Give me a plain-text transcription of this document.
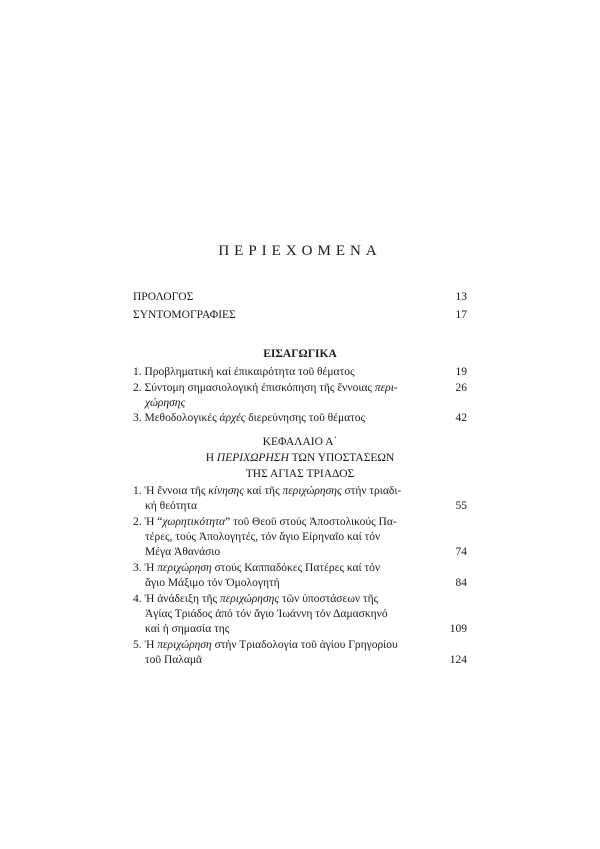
ΠΕΡΙΕΧΟΜΕΝΑ
ΠΡΟΛΟΓΟΣ	13
ΣΥΝΤΟΜΟΓΡΑΦΙΕΣ	17
ΕΙΣΑΓΩΓΙΚΑ
1. Προβληματική καί ἐπικαιρότητα τοῦ θέματος	19
2. Σύντομη σημασιολογική ἐπισκόπηση τῆς ἔννοιας περι-	26
χώρησης
3. Μεθοδολογικές ἀρχές διερεύνησης τοῦ θέματος	42
ΚΕΦΑΛΑΙΟ Α΄
Η ΠΕΡΙΧΩΡΗΣΗ ΤΩΝ ΥΠΟΣΤΑΣΕΩΝ
ΤΗΣ ΑΓΙΑΣ ΤΡΙΑΔΟΣ
1. Ἡ ἔννοια τῆς κίνησης καί τῆς περιχώρησης στήν τριαδι-
κή θεότητα	55
2. Ἡ “χωρητικότητα” τοῦ Θεοῦ στούς Ἀποστολικούς Πα-
τέρες, τούς Ἀπολογητές, τόν ἅγιο Εἰρηναῖο καί τόν
Μέγα Ἀθανάσιο	74
3. Ἡ περιχώρηση στούς Καππαδόκες Πατέρες καί τόν
ἅγιο Μάξιμο τόν Ὁμολογητή	84
4. Ἡ ἀνάδειξη τῆς περιχώρησης τῶν ὑποστάσεων τῆς
Ἁγίας Τριάδος ἀπό τόν ἅγιο Ἰωάννη τόν Δαμασκηνό
καί ἡ σημασία της	109
5. Ἡ περιχώρηση στήν Τριαδολογία τοῦ ἁγίου Γρηγορίου
τοῦ Παλαμᾶ	124
